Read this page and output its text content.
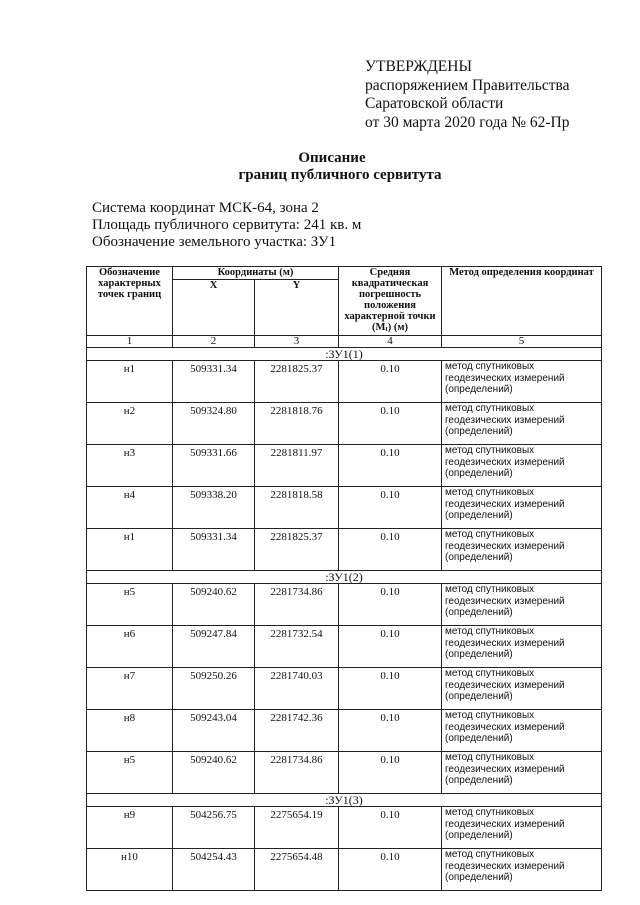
УТВЕРЖДЕНЫ
распоряжением Правительства
Саратовской области
от 30 марта 2020 года № 62-Пр
Описание
границ публичного сервитута
Система координат МСК-64, зона 2
Площадь публичного сервитута: 241 кв. м
Обозначение земельного участка: ЗУ1
Обозначение характерных точек границ	Координаты (м)		Средняя квадратическая погрешность положения характерной точки (Мt) (м)	Метод определения координат
	X	Y		
1	2	3	4	5
:ЗУ1(1)				
н1	509331.34	2281825.37	0.10	метод спутниковых геодезических измерений (определений)
н2	509324.80	2281818.76	0.10	метод спутниковых геодезических измерений (определений)
н3	509331.66	2281811.97	0.10	метод спутниковых геодезических измерений (определений)
н4	509338.20	2281818.58	0.10	метод спутниковых геодезических измерений (определений)
н1	509331.34	2281825.37	0.10	метод спутниковых геодезических измерений (определений)
:ЗУ1(2)				
н5	509240.62	2281734.86	0.10	метод спутниковых геодезических измерений (определений)
н6	509247.84	2281732.54	0.10	метод спутниковых геодезических измерений (определений)
н7	509250.26	2281740.03	0.10	метод спутниковых геодезических измерений (определений)
н8	509243.04	2281742.36	0.10	метод спутниковых геодезических измерений (определений)
н5	509240.62	2281734.86	0.10	метод спутниковых геодезических измерений (определений)
:ЗУ1(3)				
н9	504256.75	2275654.19	0.10	метод спутниковых геодезических измерений (определений)
н10	504254.43	2275654.48	0.10	метод спутниковых геодезических измерений (определений)
